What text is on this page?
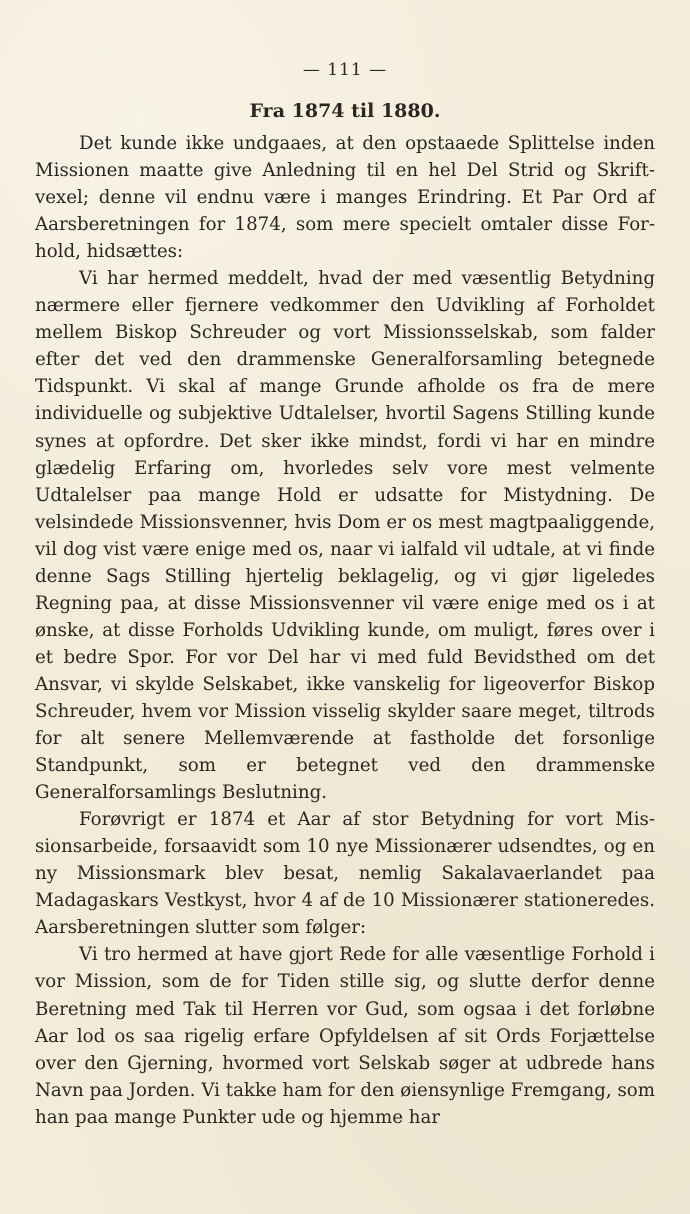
— 111 —
Fra 1874 til 1880.

Det kunde ikke undgaaes, at den opstaaede Splittelse inden Missionen maatte give Anledning til en hel Del Strid og Skriftvexel; denne vil endnu være i manges Erindring. Et Par Ord af Aarsberetningen for 1874, som mere specielt omtaler disse Forhold, hidsættes:

Vi har hermed meddelt, hvad der med væsentlig Betydning nærmere eller fjernere vedkommer den Udvikling af Forholdet mellem Biskop Schreuder og vort Missionsselskab, som falder efter det ved den drammenske Generalforsamling betegnede Tidspunkt. Vi skal af mange Grunde afholde os fra de mere individuelle og subjektive Udtalelser, hvortil Sagens Stilling kunde synes at opfordre. Det sker ikke mindst, fordi vi har en mindre glædelig Erfaring om, hvorledes selv vore mest velmente Udtalelser paa mange Hold er udsatte for Mistydning. De velsindede Missionsvenner, hvis Dom er os mest magtpaaliggende, vil dog vist være enige med os, naar vi ialfald vil udtale, at vi finde denne Sags Stilling hjertelig beklagelig, og vi gjør ligeledes Regning paa, at disse Missionsvenner vil være enige med os i at ønske, at disse Forholds Udvikling kunde, om muligt, føres over i et bedre Spor. For vor Del har vi med fuld Bevidsthed om det Ansvar, vi skylde Selskabet, ikke vanskelig for ligeoverfor Biskop Schreuder, hvem vor Mission visselig skylder saare meget, tiltrods for alt senere Mellemværende at fastholde det forsonlige Standpunkt, som er betegnet ved den drammenske Generalforsamlings Beslutning.

Forøvrigt er 1874 et Aar af stor Betydning for vort Missionsarbeide, forsaavidt som 10 nye Missionærer udsendtes, og en ny Missionsmark blev besat, nemlig Sakalavaerlandet paa Madagaskars Vestkyst, hvor 4 af de 10 Missionærer stationeredes. Aarsberetningen slutter som følger:

Vi tro hermed at have gjort Rede for alle væsentlige Forhold i vor Mission, som de for Tiden stille sig, og slutte derfor denne Beretning med Tak til Herren vor Gud, som ogsaa i det forløbne Aar lod os saa rigelig erfare Opfyldelsen af sit Ords Forjættelse over den Gjerning, hvormed vort Selskab søger at udbrede hans Navn paa Jorden. Vi takke ham for den øiensynlige Fremgang, som han paa mange Punkter ude og hjemme har
